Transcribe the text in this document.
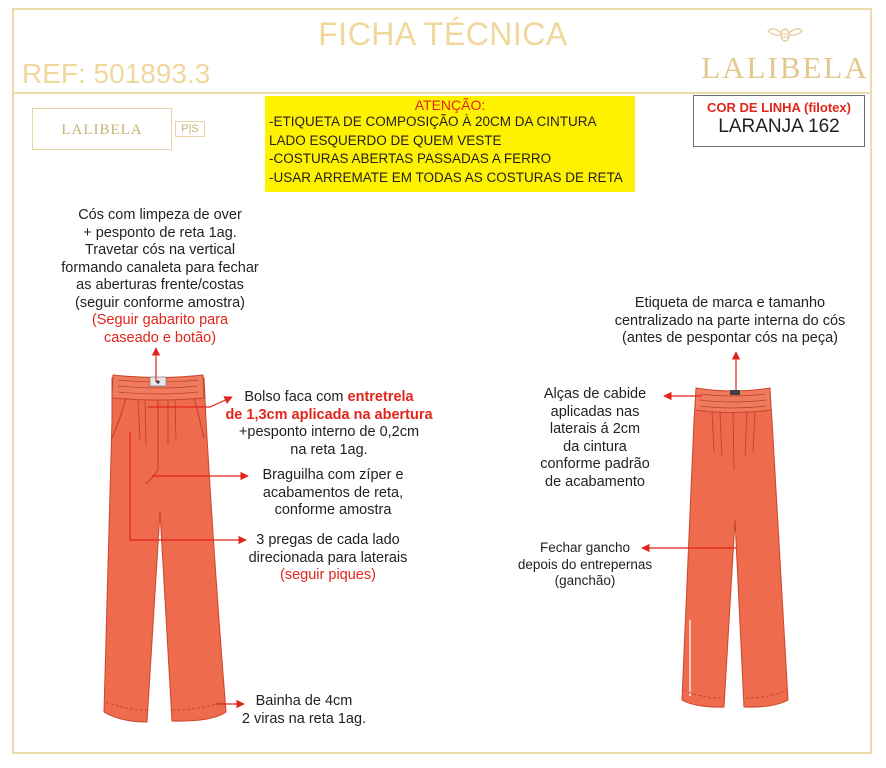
FICHA TÉCNICA
REF: 501893.3	LALIBELA
LALIBELA	P|S
ATENÇÃO:
-ETIQUETA DE COMPOSIÇÃO À 20CM DA CINTURA
LADO ESQUERDO DE QUEM VESTE
-COSTURAS ABERTAS PASSADAS A FERRO
-USAR ARREMATE EM TODAS AS COSTURAS DE RETA
COR DE LINHA (filotex)
LARANJA 162
Cós com limpeza de over
+ pesponto de reta 1ag.
Travetar cós na vertical
formando canaleta para fechar
as aberturas frente/costas
(seguir conforme amostra)
(Seguir gabarito para
caseado e botão)
Bolso faca com entretrela
de 1,3cm aplicada na abertura
+pesponto interno de 0,2cm
na reta 1ag.
Braguilha com zíper e
acabamentos de reta,
conforme amostra
3 pregas de cada lado
direcionada para laterais
(seguir piques)
Bainha de 4cm
2 viras na reta 1ag.
Etiqueta de marca e tamanho
centralizado na parte interna do cós
(antes de pespontar cós na peça)
Alças de cabide
aplicadas nas
laterais á 2cm
da cintura
conforme padrão
de acabamento
Fechar gancho
depois do entrepernas
(ganchão)
